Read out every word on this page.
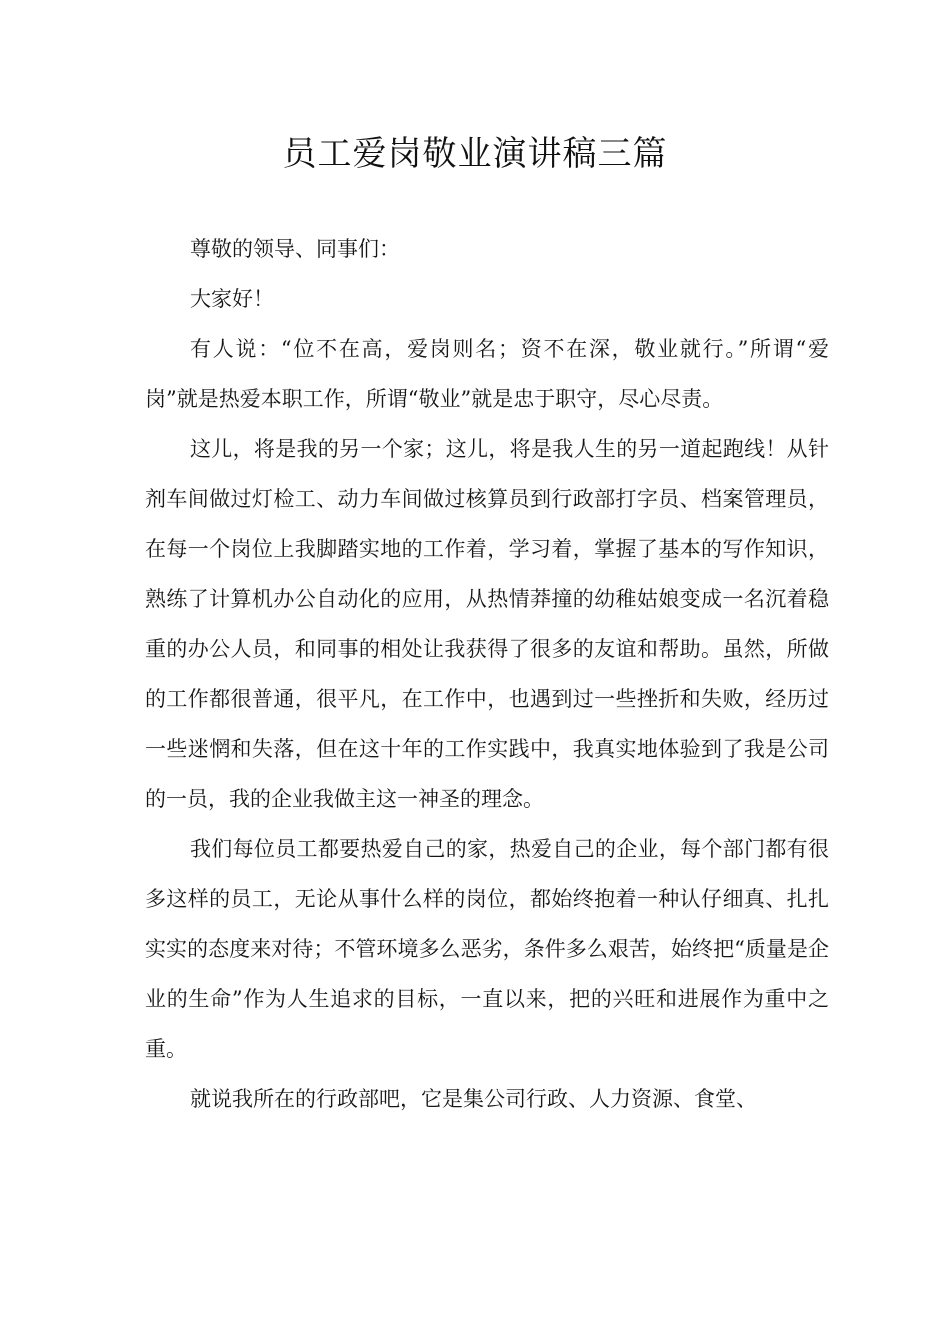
员工爱岗敬业演讲稿三篇

尊敬的领导、同事们：

大家好！

有人说：“位不在高，爱岗则名；资不在深，敬业就行。”所谓“爱岗”就是热爱本职工作，所谓“敬业”就是忠于职守，尽心尽责。

这儿，将是我的另一个家；这儿，将是我人生的另一道起跑线！从针剂车间做过灯检工、动力车间做过核算员到行政部打字员、档案管理员，在每一个岗位上我脚踏实地的工作着，学习着，掌握了基本的写作知识，熟练了计算机办公自动化的应用，从热情莽撞的幼稚姑娘变成一名沉着稳重的办公人员，和同事的相处让我获得了很多的友谊和帮助。虽然，所做的工作都很普通，很平凡，在工作中，也遇到过一些挫折和失败，经历过一些迷惘和失落，但在这十年的工作实践中，我真实地体验到了我是公司的一员，我的企业我做主这一神圣的理念。

我们每位员工都要热爱自己的家，热爱自己的企业，每个部门都有很多这样的员工，无论从事什么样的岗位，都始终抱着一种认仔细真、扎扎实实的态度来对待；不管环境多么恶劣，条件多么艰苦，始终把“质量是企业的生命”作为人生追求的目标，一直以来，把的兴旺和进展作为重中之重。

就说我所在的行政部吧，它是集公司行政、人力资源、食堂、
